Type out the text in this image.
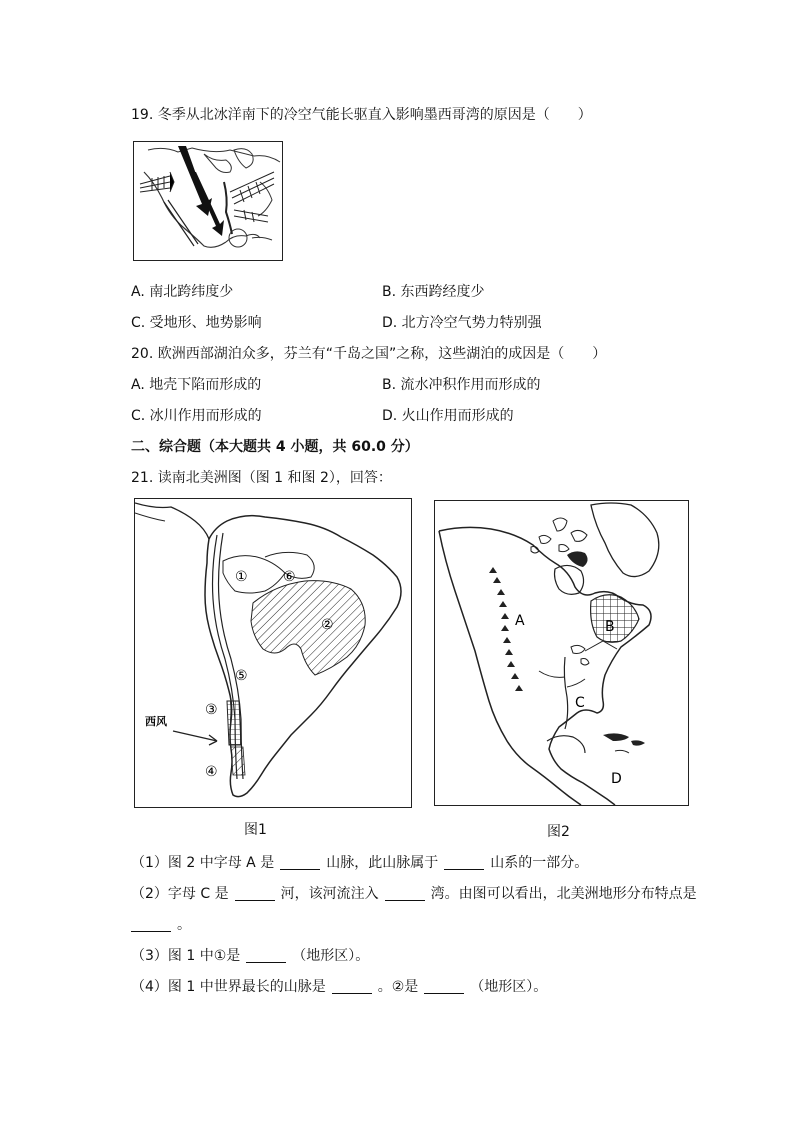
19. 冬季从北冰洋南下的冷空气能长驱直入影响墨西哥湾的原因是（　　）
A. 南北跨纬度少	B. 东西跨经度少
C. 受地形、地势影响	D. 北方冷空气势力特别强
20. 欧洲西部湖泊众多，芬兰有“千岛之国”之称，这些湖泊的成因是（　　）
A. 地壳下陷而形成的	B. 流水冲积作用而形成的
C. 冰川作用而形成的	D. 火山作用而形成的
二、综合题（本大题共 4 小题，共 60.0 分）
21. 读南北美洲图（图 1 和图 2），回答：
①
②
③
④
⑤
⑥
西风
图1
A	B
C
D
图2
（1）图 2 中字母 A 是	山脉，此山脉属于	山系的一部分。
（2）字母 C 是	河，该河流注入	湾。由图可以看出，北美洲地形分布特点是
。
（3）图 1 中①是	（地形区）。
（4）图 1 中世界最长的山脉是	。②是	（地形区）。
